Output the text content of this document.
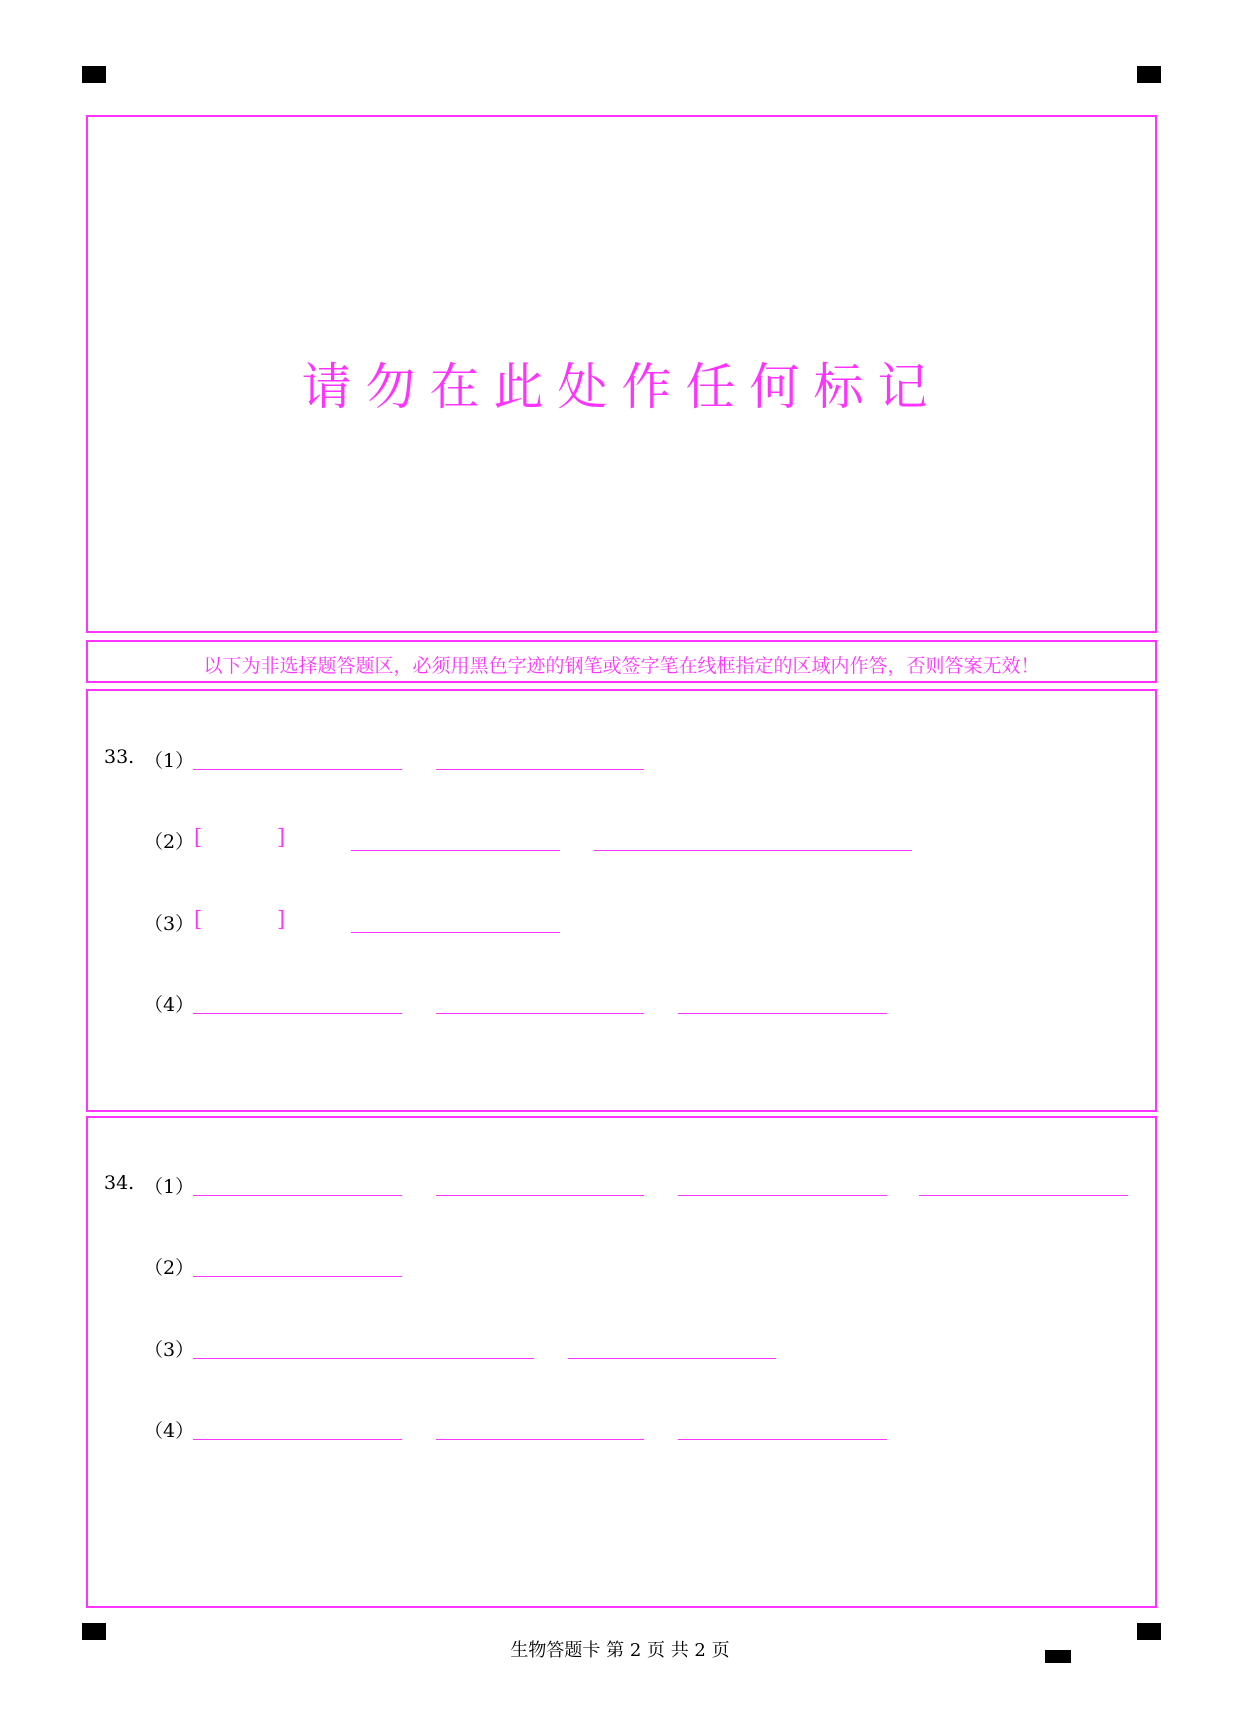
请勿在此处作任何标记
以下为非选择题答题区，必须用黑色字迹的钢笔或签字笔在线框指定的区域内作答，否则答案无效！
33. （1）
（2） [	]
（3） [	]
（4）
34. （1）
（2）
（3）
（4）
生物答题卡 第 2 页 共 2 页
